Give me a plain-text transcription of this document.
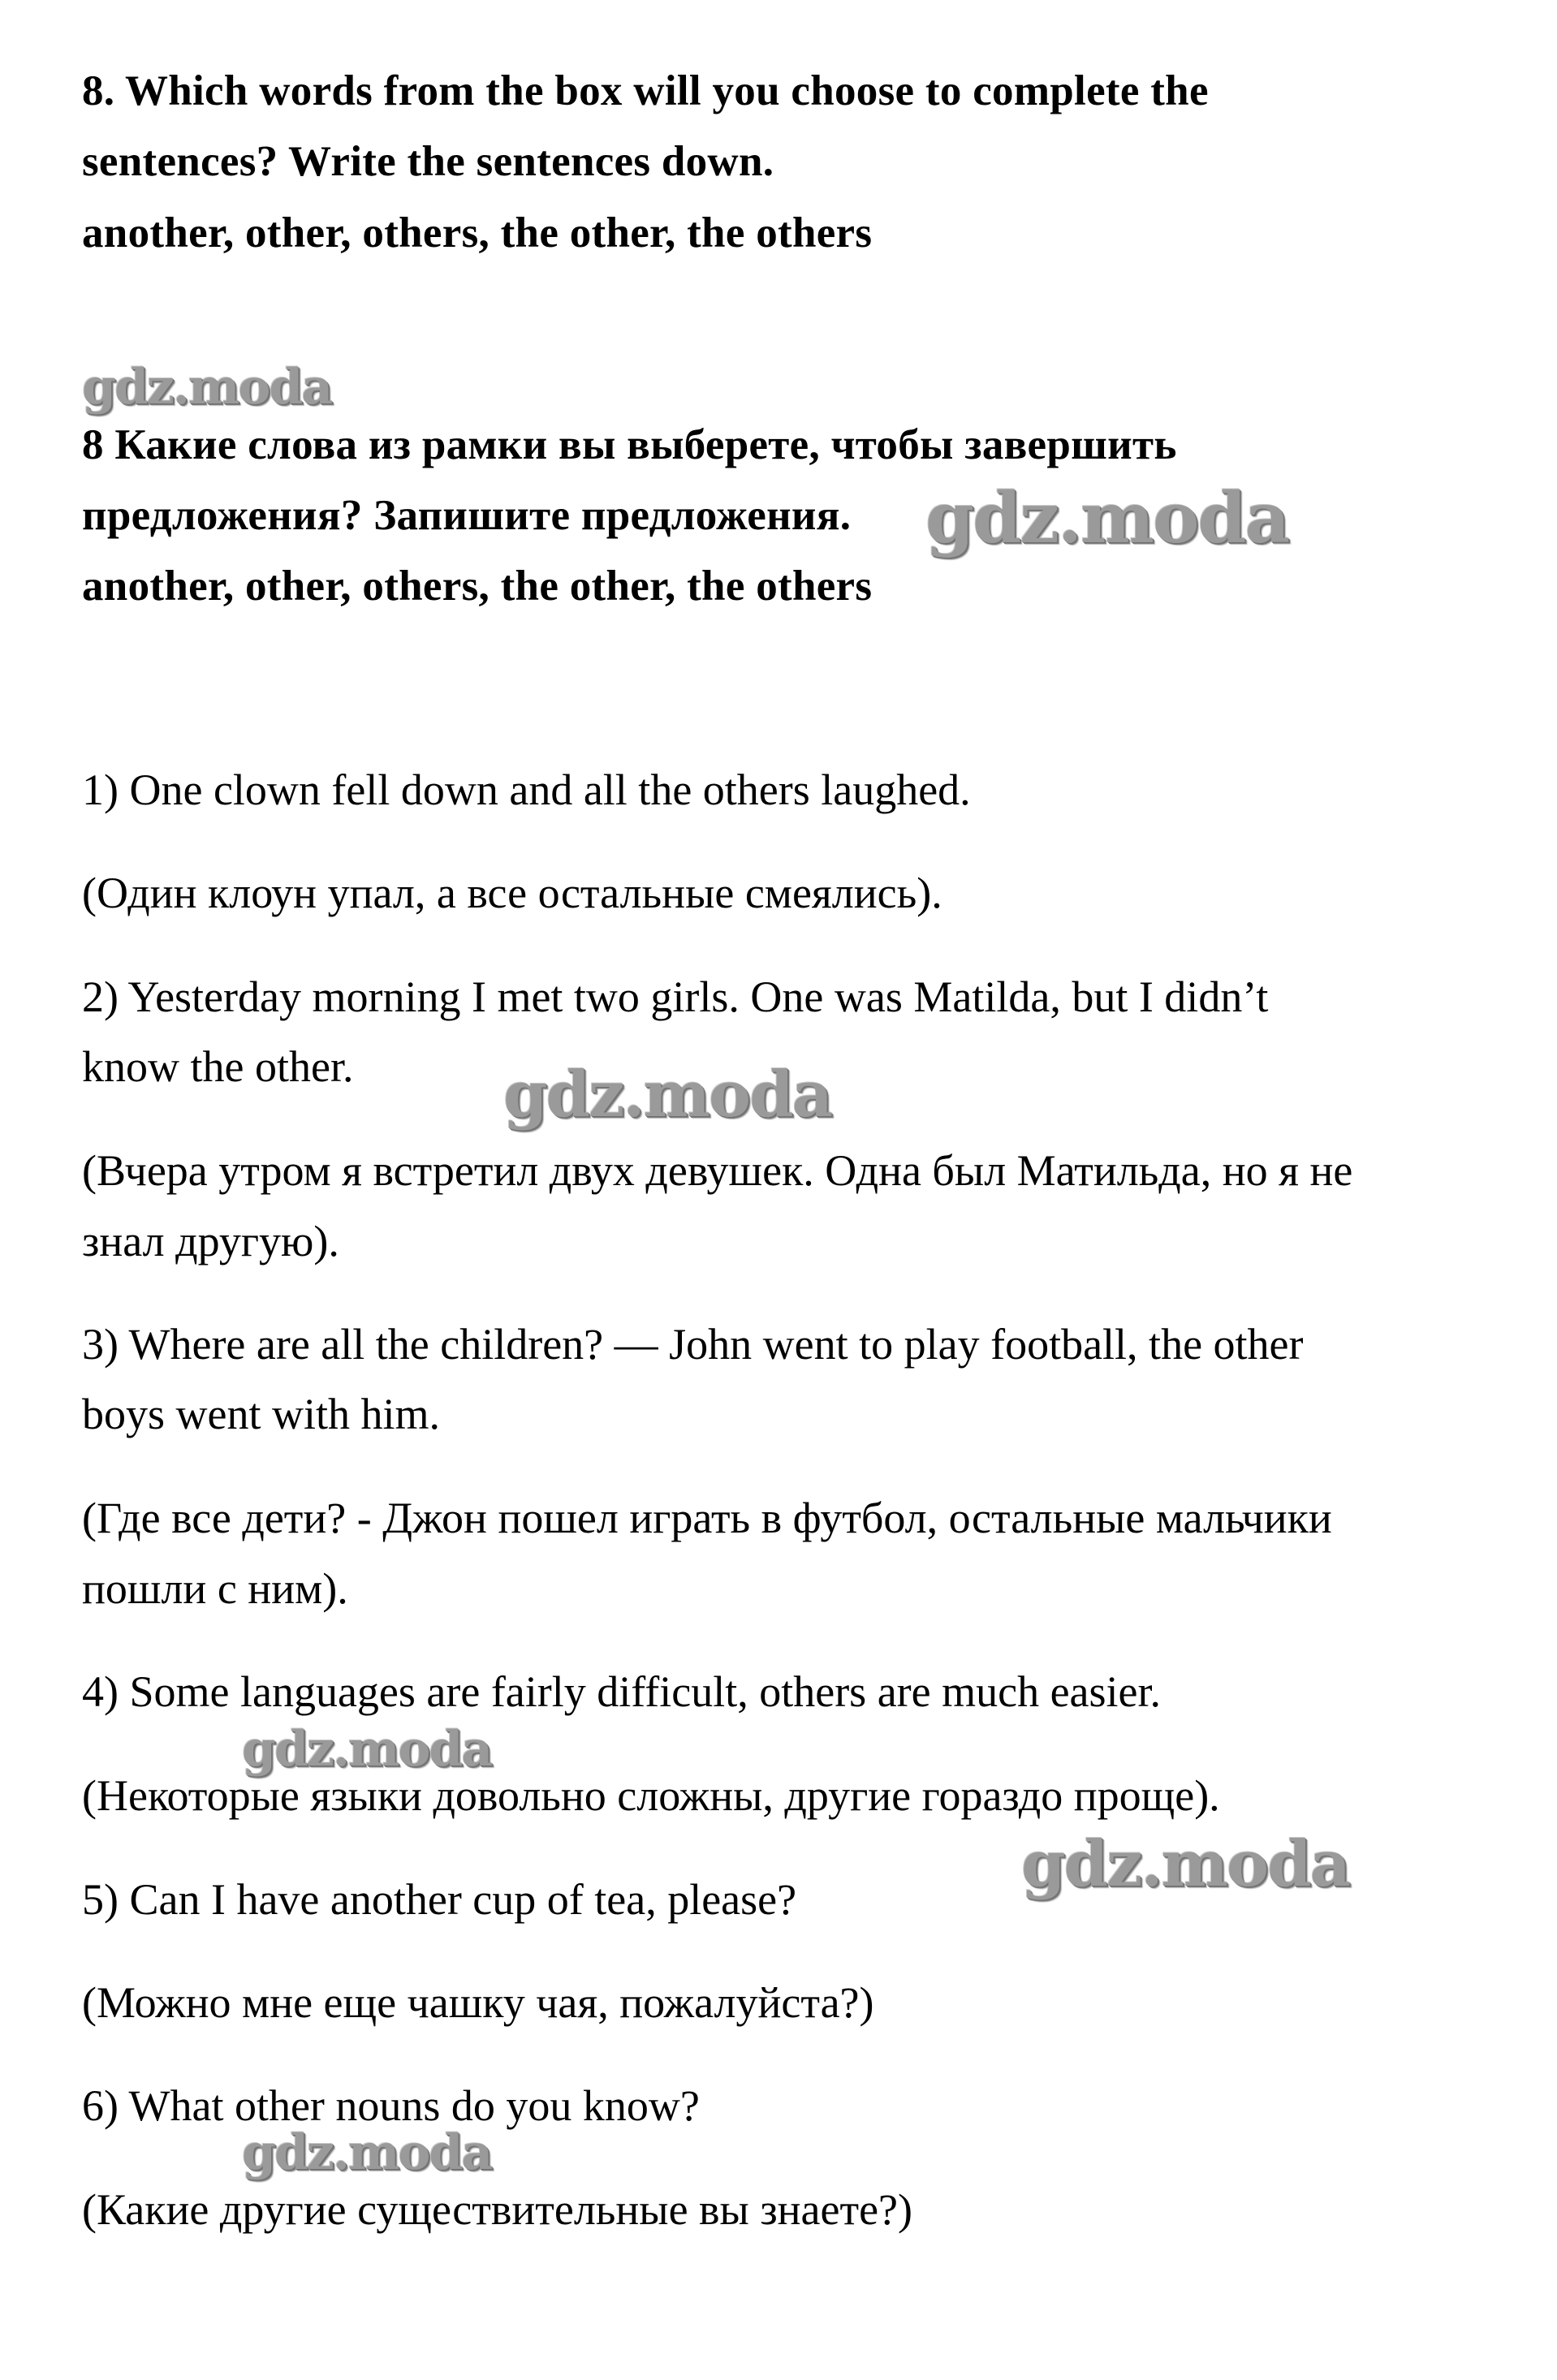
8. Which words from the box will you choose to complete the
sentences? Write the sentences down.
another, other, others, the other, the others
8 Какие слова из рамки вы выберете, чтобы завершить
предложения? Запишите предложения.
another, other, others, the other, the others
1) One clown fell down and all the others laughed.
(Один клоун упал, а все остальные смеялись).
2) Yesterday morning I met two girls. One was Matilda, but I didn’t
know the other.
(Вчера утром я встретил двух девушек. Одна был Матильда, но я не
знал другую).
3) Where are all the children? — John went to play football, the other
boys went with him.
(Где все дети? - Джон пошел играть в футбол, остальные мальчики
пошли с ним).
4) Some languages are fairly difficult, others are much easier.
(Некоторые языки довольно сложны, другие гораздо проще).
5) Can I have another cup of tea, please?
(Можно мне еще чашку чая, пожалуйста?)
6) What other nouns do you know?
(Какие другие существительные вы знаете?)
gdz.moda
gdz.moda
gdz.moda
gdz.moda
gdz.moda
gdz.moda
